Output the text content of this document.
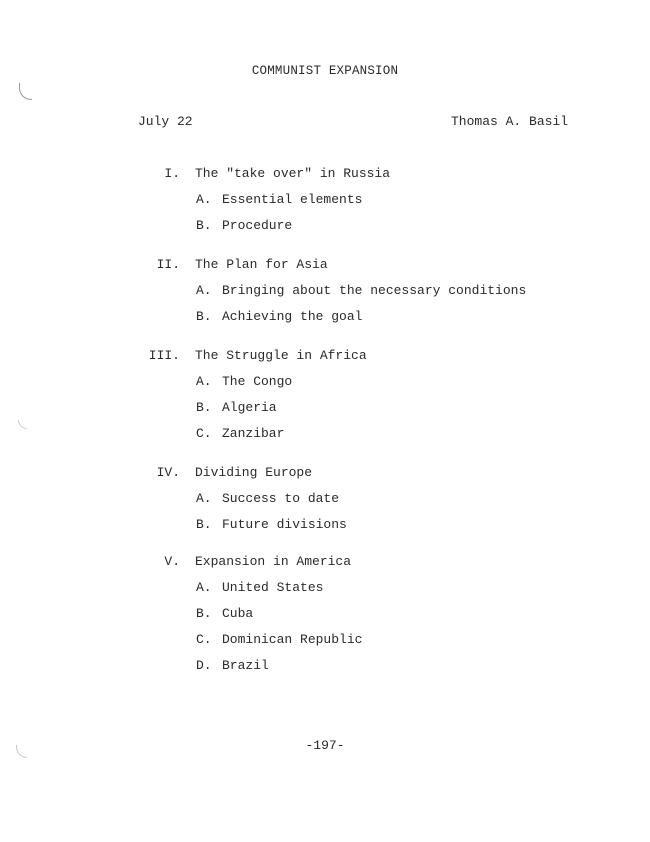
COMMUNIST EXPANSION
July 22	Thomas A. Basil
I. The "take over" in Russia
A. Essential elements
B. Procedure
II. The Plan for Asia
A. Bringing about the necessary conditions
B. Achieving the goal
III. The Struggle in Africa
A. The Congo
B. Algeria
C. Zanzibar
IV. Dividing Europe
A. Success to date
B. Future divisions
V. Expansion in America
A. United States
B. Cuba
C. Dominican Republic
D. Brazil
-197-
